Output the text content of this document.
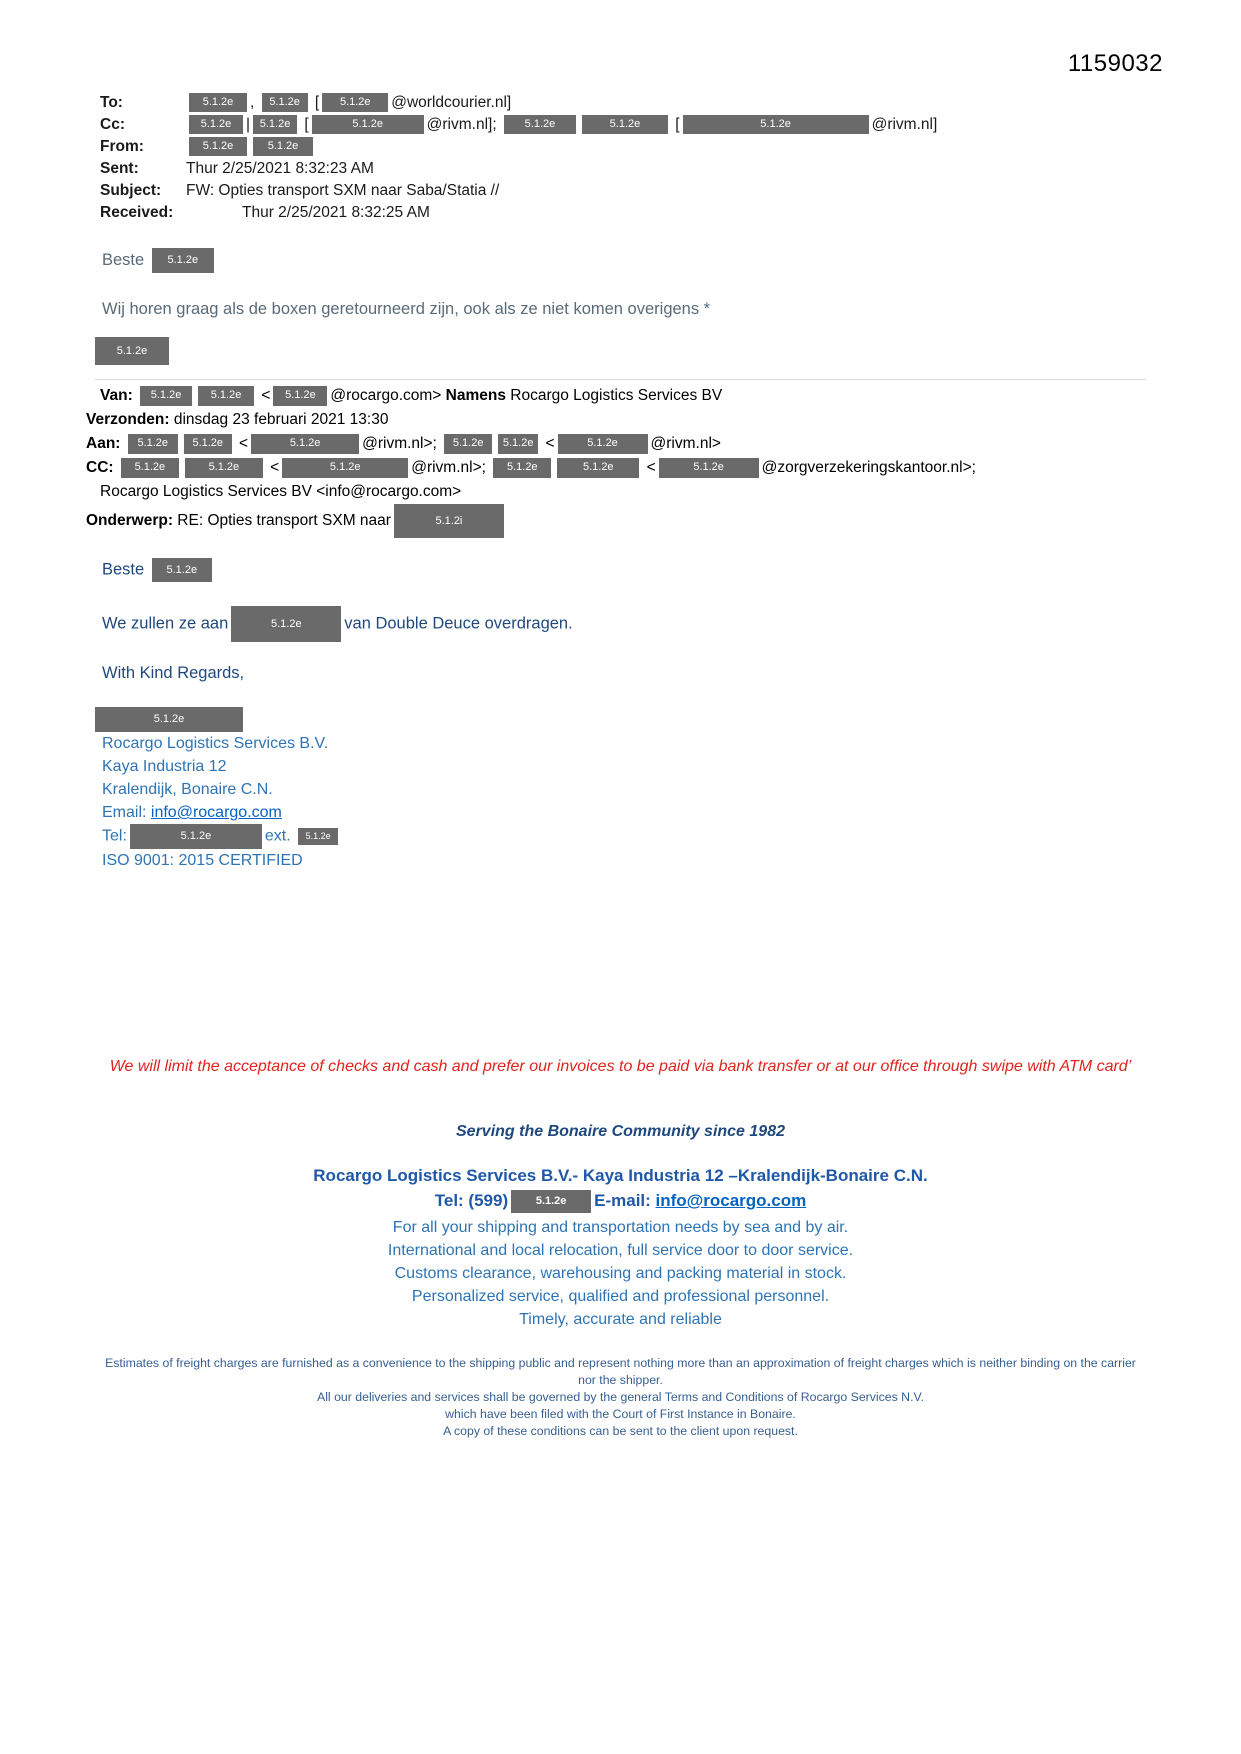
1159032
To:	5.1.2e , 5.1.2e [ 5.1.2e @worldcourier.nl]
Cc:	5.1.2e | 5.1.2e [	5.1.2e	@rivm.nl]; 5.1.2e	5.1.2e [	5.1.2e	@rivm.nl]
From:	5.1.2e	5.1.2e
Sent:	Thur 2/25/2021 8:32:23 AM
Subject:	FW: Opties transport SXM naar Saba/Statia //
Received:	Thur 2/25/2021 8:32:25 AM
Beste 5.1.2e
Wij horen graag als de boxen geretourneerd zijn, ook als ze niet komen overigens *
5.1.2e
Van: 5.1.2e	5.1.2e < 5.1.2e @rocargo.com> Namens Rocargo Logistics Services BV
Verzonden: dinsdag 23 februari 2021 13:30
Aan: 5.1.2e 5.1.2e <	5.1.2e	@rivm.nl>; 5.1.2e 5.1.2e <	5.1.2e @rivm.nl>
CC: 5.1.2e	5.1.2e <	5.1.2e	@rivm.nl>; 5.1.2e	5.1.2e <	5.1.2e @zorgverzekeringskantoor.nl>;
Rocargo Logistics Services BV <info@rocargo.com>
Onderwerp: RE: Opties transport SXM naar	5.1.2i
Beste 5.1.2e
We zullen ze aan	5.1.2e	van Double Deuce overdragen.
With Kind Regards,
5.1.2e
Rocargo Logistics Services B.V.
Kaya Industria 12
Kralendijk, Bonaire C.N.
Email: info@rocargo.com
Tel:	5.1.2e	ext. 5.1.2e
ISO 9001: 2015 CERTIFIED
We will limit the acceptance of checks and cash and prefer our invoices to be paid via bank transfer or at our office through swipe with ATM card’
Serving the Bonaire Community since 1982
Rocargo Logistics Services B.V.- Kaya Industria 12 –Kralendijk-Bonaire C.N.
Tel: (599)	5.1.2e E-mail: info@rocargo.com
For all your shipping and transportation needs by sea and by air.
International and local relocation, full service door to door service.
Customs clearance, warehousing and packing material in stock.
Personalized service, qualified and professional personnel.
Timely, accurate and reliable
Estimates of freight charges are furnished as a convenience to the shipping public and represent nothing more than an approximation of freight charges which is neither binding on the carrier nor the shipper.
All our deliveries and services shall be governed by the general Terms and Conditions of Rocargo Services N.V.
which have been filed with the Court of First Instance in Bonaire.
A copy of these conditions can be sent to the client upon request.
